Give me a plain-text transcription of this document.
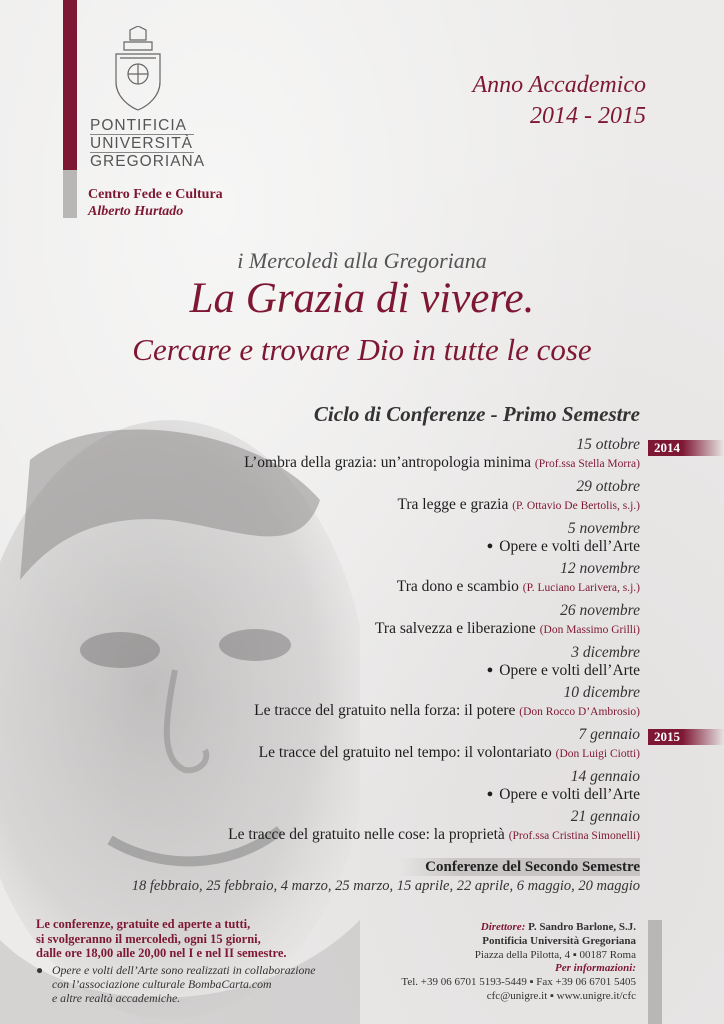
PONTIFICIA
UNIVERSITÀ
GREGORIANA
Centro Fede e Cultura
Alberto Hurtado
Anno Accademico
2014 - 2015
i Mercoledì alla Gregoriana
La Grazia di vivere.
Cercare e trovare Dio in tutte le cose
Ciclo di Conferenze - Primo Semestre
2014
2015
15 ottobre
L’ombra della grazia: un’antropologia minima (Prof.ssa Stella Morra)
29 ottobre
Tra legge e grazia (P. Ottavio De Bertolis, s.j.)
5 novembre
● Opere e volti dell’Arte
12 novembre
Tra dono e scambio (P. Luciano Larivera, s.j.)
26 novembre
Tra salvezza e liberazione (Don Massimo Grilli)
3 dicembre
● Opere e volti dell’Arte
10 dicembre
Le tracce del gratuito nella forza: il potere (Don Rocco D’Ambrosio)
7 gennaio
Le tracce del gratuito nel tempo: il volontariato (Don Luigi Ciotti)
14 gennaio
● Opere e volti dell’Arte
21 gennaio
Le tracce del gratuito nelle cose: la proprietà (Prof.ssa Cristina Simonelli)
Conferenze del Secondo Semestre
18 febbraio, 25 febbraio, 4 marzo, 25 marzo, 15 aprile, 22 aprile, 6 maggio, 20 maggio
Le conferenze, gratuite ed aperte a tutti,
si svolgeranno il mercoledì, ogni 15 giorni,
dalle ore 18,00 alle 20,00 nel I e nel II semestre.
● Opere e volti dell’Arte sono realizzati in collaborazione
con l’associazione culturale BombaCarta.com
e altre realtà accademiche.
Direttore: P. Sandro Barlone, S.J.
Pontificia Università Gregoriana
Piazza della Pilotta, 4 ▪ 00187 Roma
Per informazioni:
Tel. +39 06 6701 5193-5449 ▪ Fax +39 06 6701 5405
cfc@unigre.it ▪ www.unigre.it/cfc
